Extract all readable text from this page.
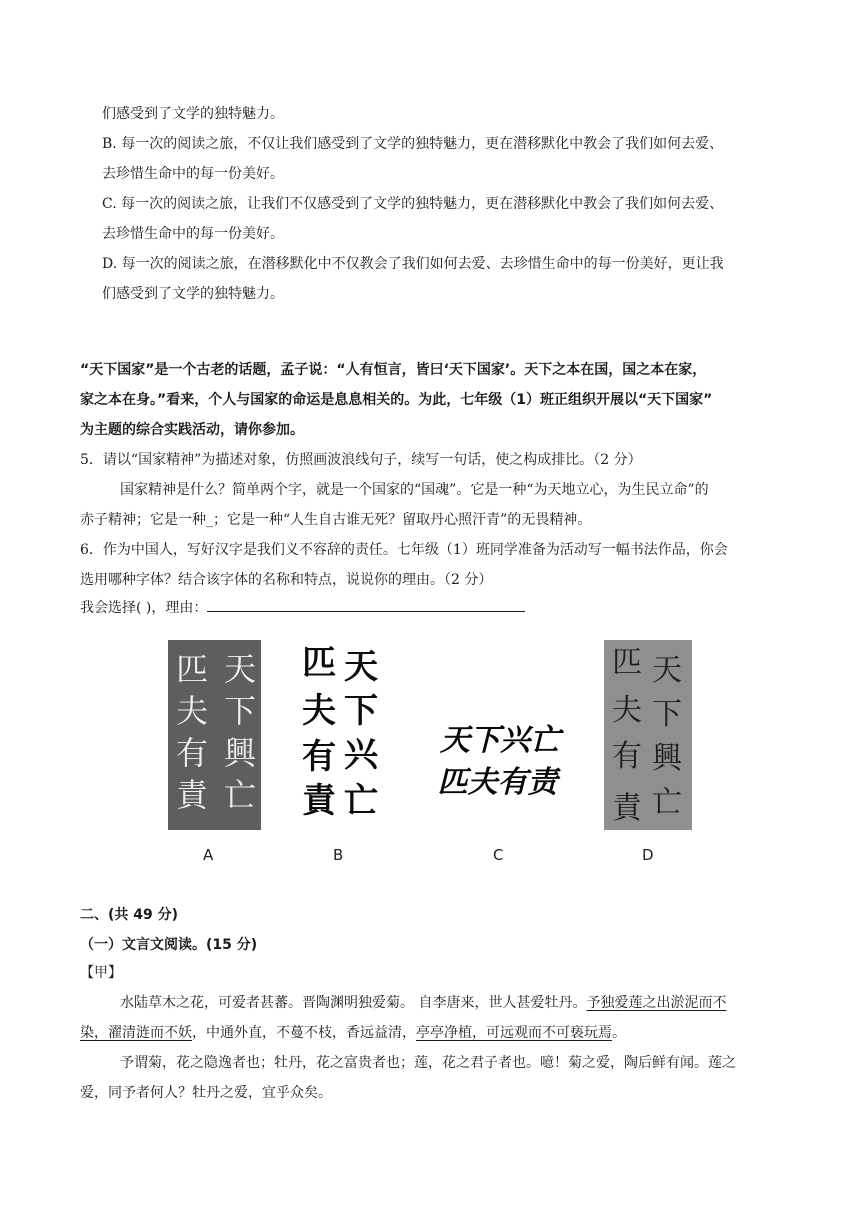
们感受到了文学的独特魅力。
B. 每一次的阅读之旅，不仅让我们感受到了文学的独特魅力，更在潜移默化中教会了我们如何去爱、
去珍惜生命中的每一份美好。
C. 每一次的阅读之旅，让我们不仅感受到了文学的独特魅力，更在潜移默化中教会了我们如何去爱、
去珍惜生命中的每一份美好。
D. 每一次的阅读之旅，在潜移默化中不仅教会了我们如何去爱、去珍惜生命中的每一份美好，更让我
们感受到了文学的独特魅力。
“天下国家”是一个古老的话题，孟子说：“人有恒言，皆曰‘天下国家’。天下之本在国，国之本在家，
家之本在身。”看来，个人与国家的命运是息息相关的。为此，七年级（1）班正组织开展以“天下国家”
为主题的综合实践活动，请你参加。
5．请以“国家精神”为描述对象，仿照画波浪线句子，续写一句话，使之构成排比。（2 分）
国家精神是什么？简单两个字，就是一个国家的“国魂”。它是一种“为天地立心，为生民立命”的
赤子精神；它是一种_；它是一种“人生自古谁无死？留取丹心照汗青”的无畏精神。
6．作为中国人，写好汉字是我们义不容辞的责任。七年级（1）班同学准备为活动写一幅书法作品，你会
选用哪种字体？结合该字体的名称和特点，说说你的理由。（2 分）
我会选择( )，理由：
天 下 興 亡
匹 夫 有 責
天 下 兴 亡
匹 夫 有 責
天下兴亡
匹夫有责
天 下 興 亡
匹 夫 有 責
A	B	C	D
二、(共 49 分)
（一）文言文阅读。(15 分)
【甲】
水陆草木之花，可爱者甚蕃。晋陶渊明独爱菊。 自李唐来，世人甚爱牡丹。予独爱莲之出淤泥而不
染，濯清涟而不妖，中通外直，不蔓不枝，香远益清，亭亭净植，可远观而不可亵玩焉。
予谓菊，花之隐逸者也；牡丹，花之富贵者也；莲，花之君子者也。噫！菊之爱，陶后鲜有闻。莲之
爱，同予者何人？牡丹之爱，宜乎众矣。
